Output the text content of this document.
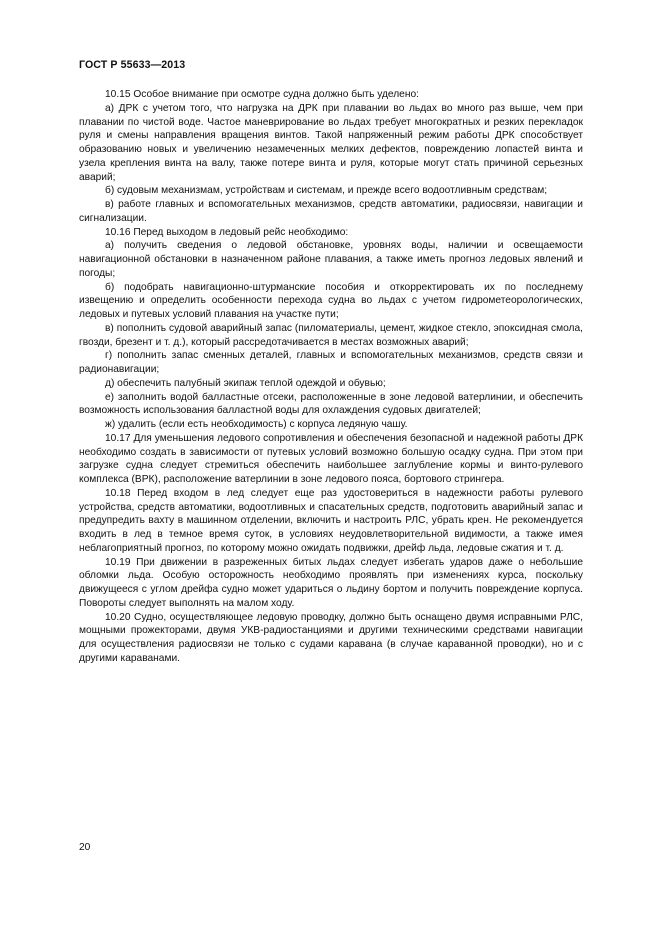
ГОСТ Р 55633—2013

10.15 Особое внимание при осмотре судна должно быть уделено:

а) ДРК с учетом того, что нагрузка на ДРК при плавании во льдах во много раз выше, чем при плавании по чистой воде. Частое маневрирование во льдах требует многократных и резких перекладок руля и смены направления вращения винтов. Такой напряженный режим работы ДРК способствует образованию новых и увеличению незамеченных мелких дефектов, повреждению лопастей винта и узела крепления винта на валу, также потере винта и руля, которые могут стать причиной серьезных аварий;

б) судовым механизмам, устройствам и системам, и прежде всего водоотливным средствам;

в) работе главных и вспомогательных механизмов, средств автоматики, радиосвязи, навигации и сигнализации.

10.16 Перед выходом в ледовый рейс необходимо:

а) получить сведения о ледовой обстановке, уровнях воды, наличии и освещаемости навигационной обстановки в назначенном районе плавания, а также иметь прогноз ледовых явлений и погоды;

б) подобрать навигационно-штурманские пособия и откорректировать их по последнему извещению и определить особенности перехода судна во льдах с учетом гидрометеорологических, ледовых и путевых условий плавания на участке пути;

в) пополнить судовой аварийный запас (пиломатериалы, цемент, жидкое стекло, эпоксидная смола, гвозди, брезент и т. д.), который рассредотачивается в местах возможных аварий;

г) пополнить запас сменных деталей, главных и вспомогательных механизмов, средств связи и радионавигации;

д) обеспечить палубный экипаж теплой одеждой и обувью;

е) заполнить водой балластные отсеки, расположенные в зоне ледовой ватерлинии, и обеспечить возможность использования балластной воды для охлаждения судовых двигателей;

ж) удалить (если есть необходимость) с корпуса ледяную чашу.

10.17 Для уменьшения ледового сопротивления и обеспечения безопасной и надежной работы ДРК необходимо создать в зависимости от путевых условий возможно большую осадку судна. При этом при загрузке судна следует стремиться обеспечить наибольшее заглубление кормы и винто-рулевого комплекса (ВРК), расположение ватерлинии в зоне ледового пояса, бортового стрингера.

10.18 Перед входом в лед следует еще раз удостовериться в надежности работы рулевого устройства, средств автоматики, водоотливных и спасательных средств, подготовить аварийный запас и предупредить вахту в машинном отделении, включить и настроить РЛС, убрать крен. Не рекомендуется входить в лед в темное время суток, в условиях неудовлетворительной видимости, а также имея неблагоприятный прогноз, по которому можно ожидать подвижки, дрейф льда, ледовые сжатия и т. д.

10.19 При движении в разреженных битых льдах следует избегать ударов даже о небольшие обломки льда. Особую осторожность необходимо проявлять при изменениях курса, поскольку движущееся с углом дрейфа судно может удариться о льдину бортом и получить повреждение корпуса. Повороты следует выполнять на малом ходу.

10.20 Судно, осуществляющее ледовую проводку, должно быть оснащено двумя исправными РЛС, мощными прожекторами, двумя УКВ-радиостанциями и другими техническими средствами навигации для осуществления радиосвязи не только с судами каравана (в случае караванной проводки), но и с другими караванами.

20
